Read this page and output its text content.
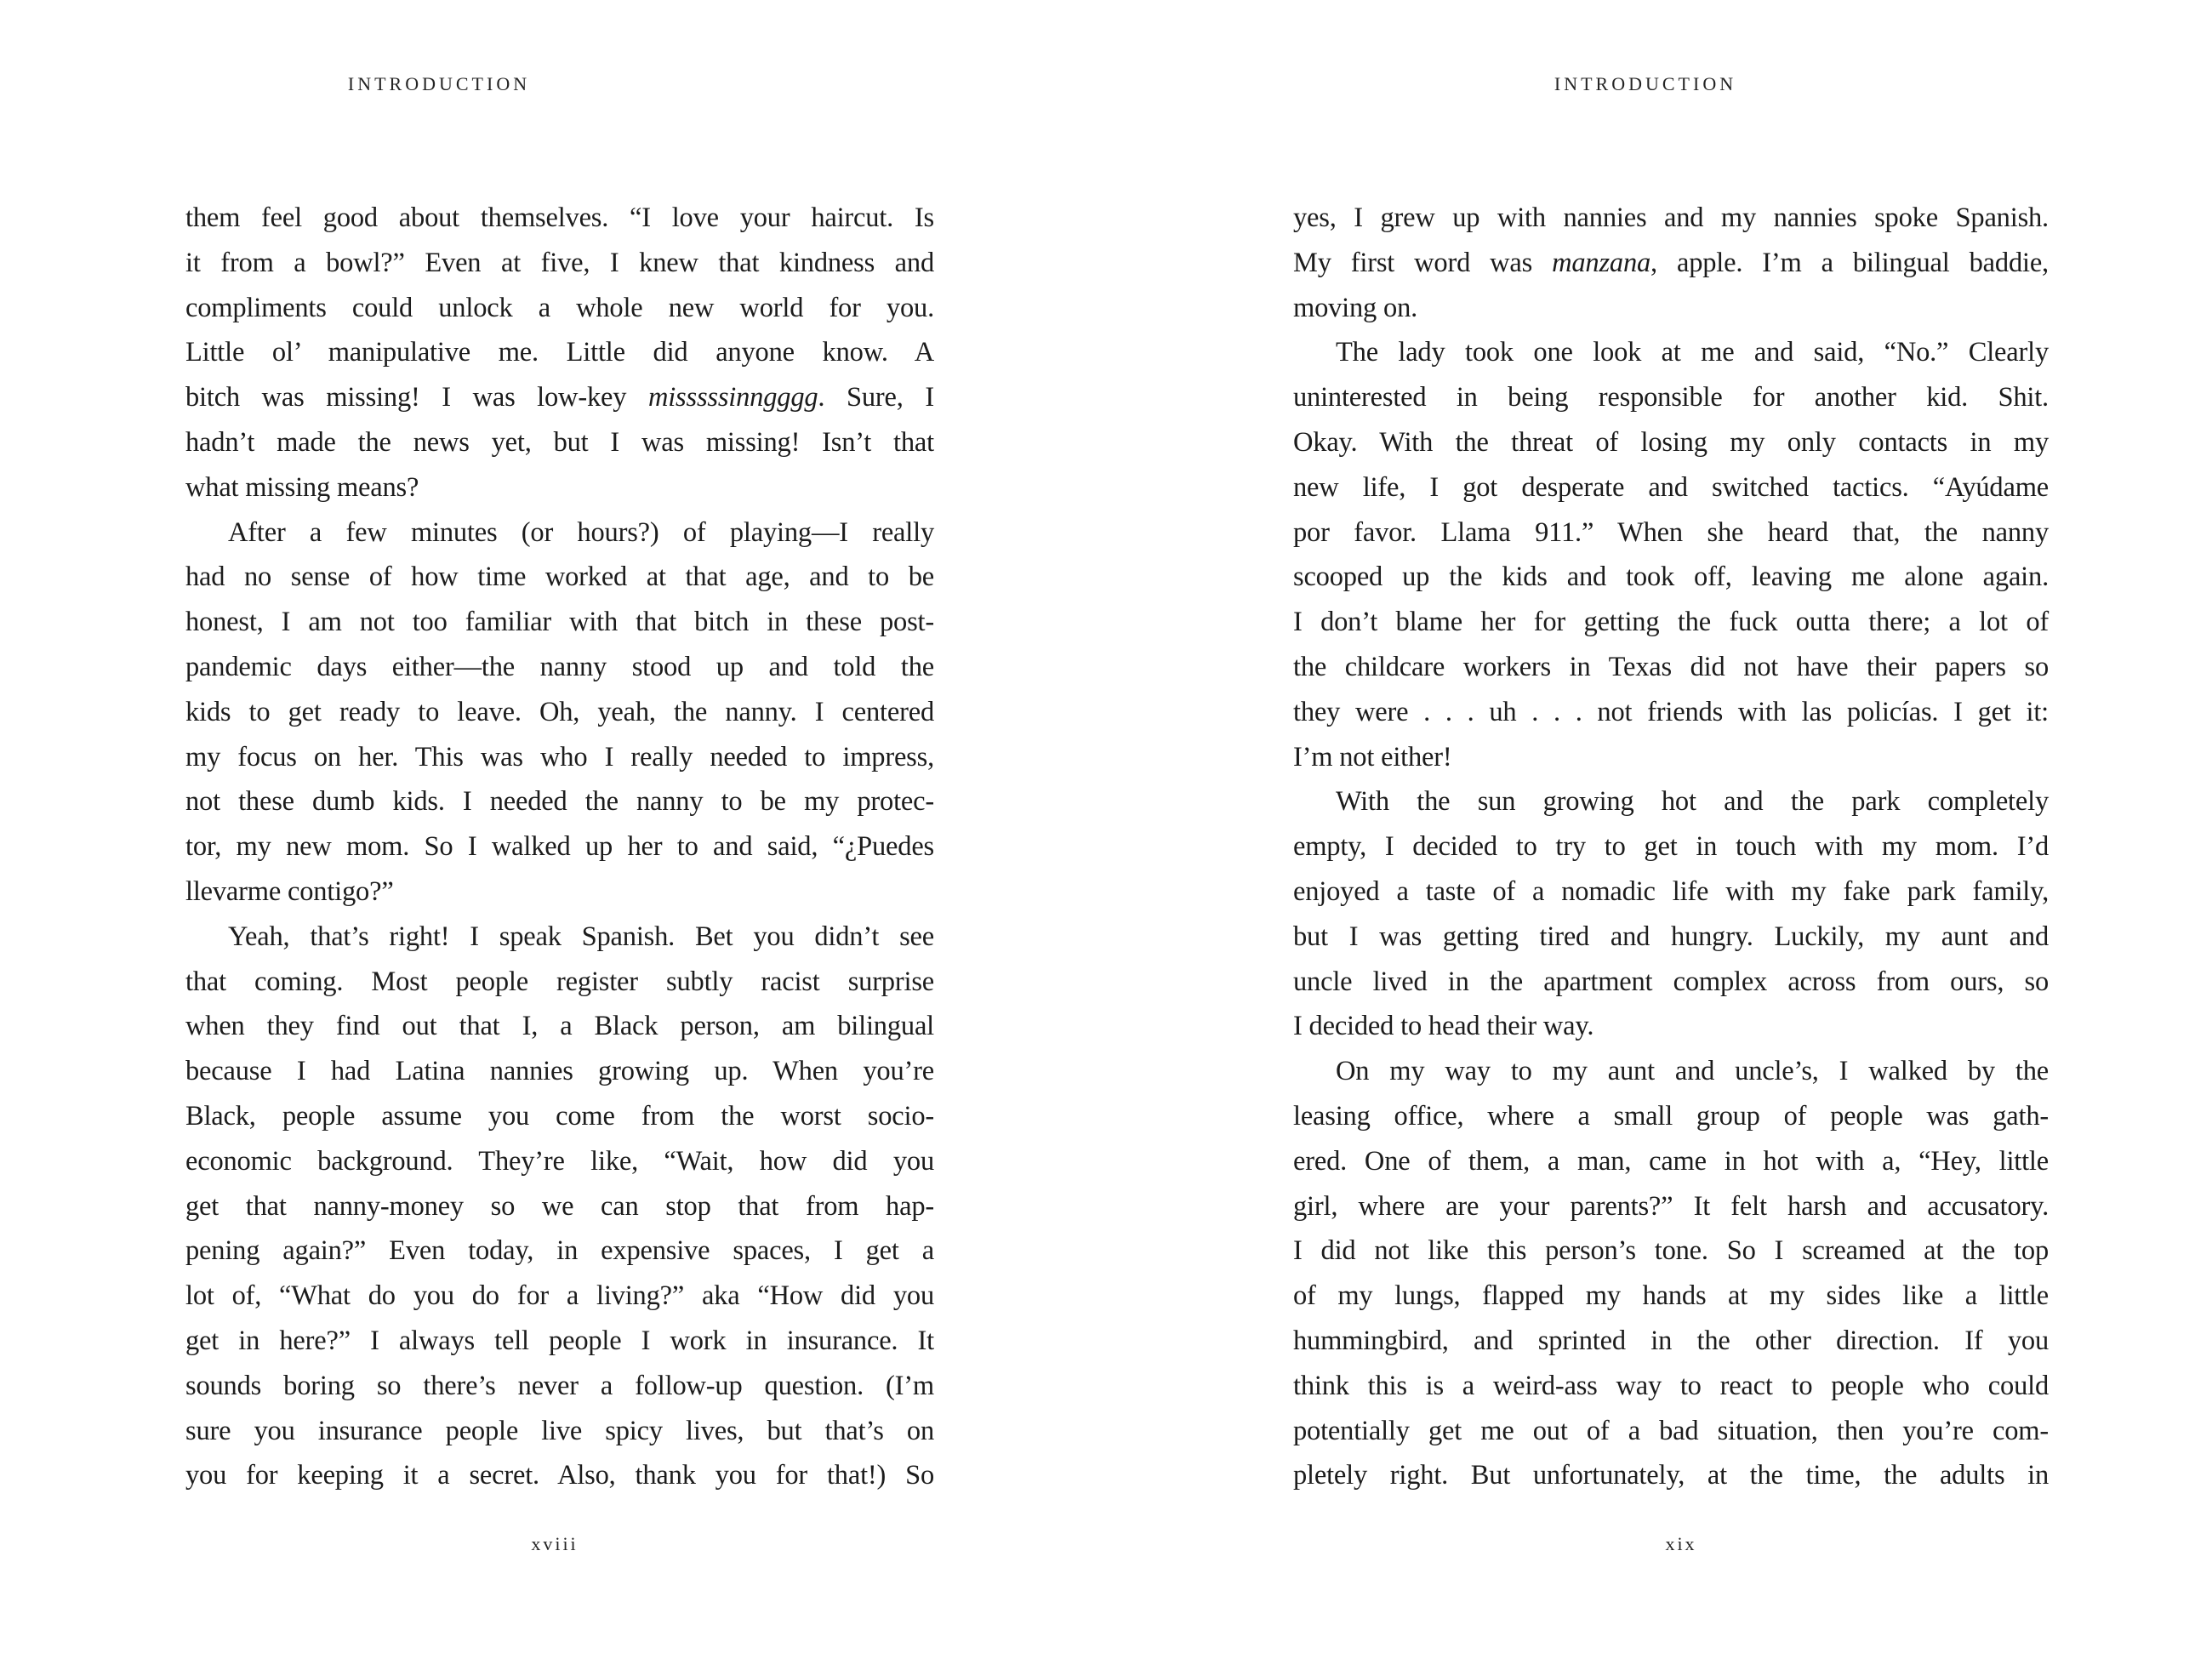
INTRODUCTION
them feel good about themselves. “I love your haircut. Is
it from a bowl?” Even at five, I knew that kindness and
compliments could unlock a whole new world for you.
Little ol’ manipulative me. Little did anyone know. A
bitch was missing! I was low-key misssssinngggg. Sure, I
hadn’t made the news yet, but I was missing! Isn’t that
what missing means?
After a few minutes (or hours?) of playing—I really
had no sense of how time worked at that age, and to be
honest, I am not too familiar with that bitch in these post-
pandemic days either—the nanny stood up and told the
kids to get ready to leave. Oh, yeah, the nanny. I centered
my focus on her. This was who I really needed to impress,
not these dumb kids. I needed the nanny to be my protec-
tor, my new mom. So I walked up her to and said, “¿Puedes
llevarme contigo?”
Yeah, that’s right! I speak Spanish. Bet you didn’t see
that coming. Most people register subtly racist surprise
when they find out that I, a Black person, am bilingual
because I had Latina nannies growing up. When you’re
Black, people assume you come from the worst socio-
economic background. They’re like, “Wait, how did you
get that nanny-money so we can stop that from hap-
pening again?” Even today, in expensive spaces, I get a
lot of, “What do you do for a living?” aka “How did you
get in here?” I always tell people I work in insurance. It
sounds boring so there’s never a follow-up question. (I’m
sure you insurance people live spicy lives, but that’s on
you for keeping it a secret. Also, thank you for that!) So
xviii
INTRODUCTION
yes, I grew up with nannies and my nannies spoke Spanish.
My first word was manzana, apple. I’m a bilingual baddie,
moving on.
The lady took one look at me and said, “No.” Clearly
uninterested in being responsible for another kid. Shit.
Okay. With the threat of losing my only contacts in my
new life, I got desperate and switched tactics. “Ayúdame
por favor. Llama 911.” When she heard that, the nanny
scooped up the kids and took off, leaving me alone again.
I don’t blame her for getting the fuck outta there; a lot of
the childcare workers in Texas did not have their papers so
they were . . . uh . . . not friends with las policías. I get it:
I’m not either!
With the sun growing hot and the park completely
empty, I decided to try to get in touch with my mom. I’d
enjoyed a taste of a nomadic life with my fake park family,
but I was getting tired and hungry. Luckily, my aunt and
uncle lived in the apartment complex across from ours, so
I decided to head their way.
On my way to my aunt and uncle’s, I walked by the
leasing office, where a small group of people was gath-
ered. One of them, a man, came in hot with a, “Hey, little
girl, where are your parents?” It felt harsh and accusatory.
I did not like this person’s tone. So I screamed at the top
of my lungs, flapped my hands at my sides like a little
hummingbird, and sprinted in the other direction. If you
think this is a weird-ass way to react to people who could
potentially get me out of a bad situation, then you’re com-
pletely right. But unfortunately, at the time, the adults in
xix
